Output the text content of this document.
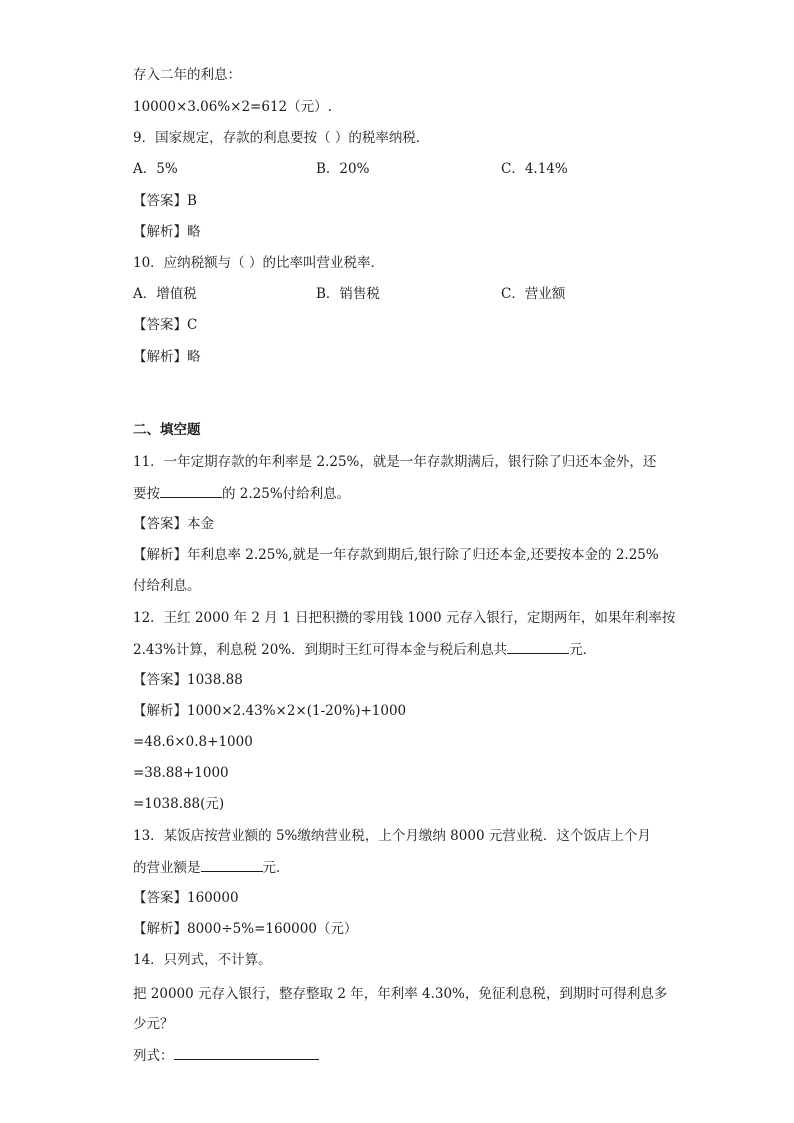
存入二年的利息：
10000×3.06%×2=612（元）.
9．国家规定，存款的利息要按（ ）的税率纳税．
A．5%	B．20%	C．4.14%
【答案】B
【解析】略
10．应纳税额与（ ）的比率叫营业税率．
A．增值税	B．销售税	C．营业额
【答案】C
【解析】略
二、填空题
11．一年定期存款的年利率是 2.25%，就是一年存款期满后，银行除了归还本金外，还
要按	的 2.25%付给利息。
【答案】本金
【解析】年利息率 2.25%,就是一年存款到期后,银行除了归还本金,还要按本金的 2.25%
付给利息。
12．王红 2000 年 2 月 1 日把积攒的零用钱 1000 元存入银行，定期两年，如果年利率按
2.43%计算，利息税 20%．到期时王红可得本金与税后利息共	元．
【答案】1038.88
【解析】1000×2.43%×2×(1-20%)+1000
=48.6×0.8+1000
=38.88+1000
=1038.88(元)
13．某饭店按营业额的 5%缴纳营业税，上个月缴纳 8000 元营业税．这个饭店上个月
的营业额是	元．
【答案】160000
【解析】8000÷5%=160000（元）
14．只列式，不计算。
把 20000 元存入银行，整存整取 2 年，年利率 4.30%，免征利息税，到期时可得利息多
少元？
列式：
